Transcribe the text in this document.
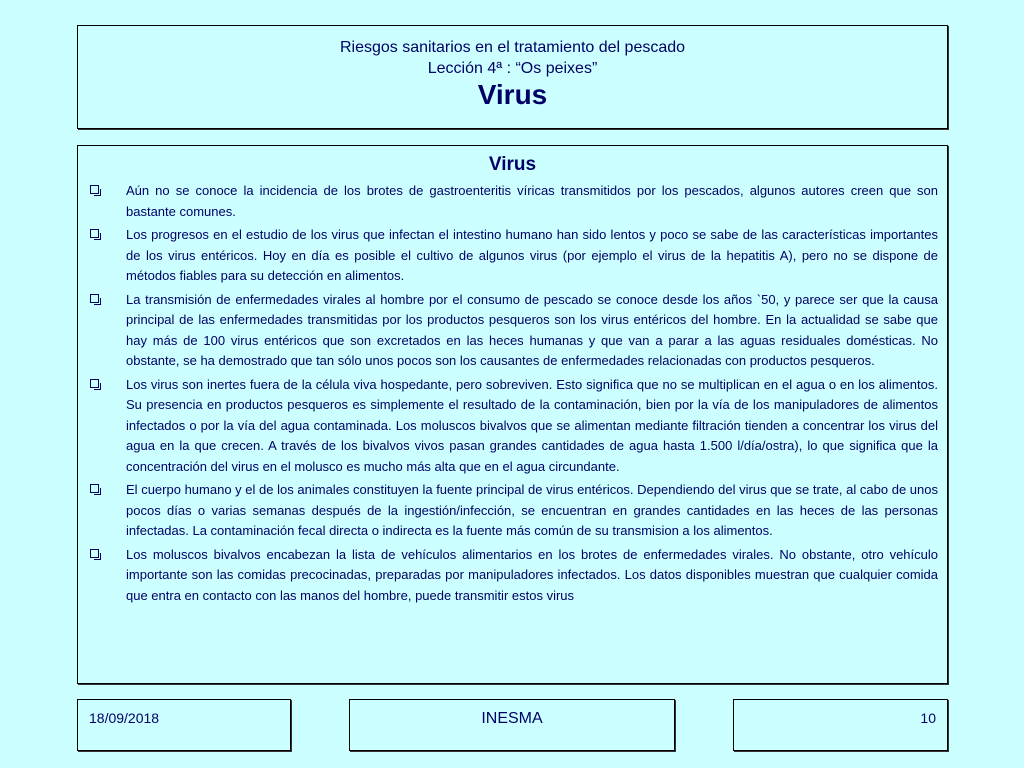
Riesgos sanitarios en el tratamiento del pescado
Lección 4ª : “Os peixes”
Virus
Virus
Aún no se conoce la incidencia de los brotes de gastroenteritis víricas transmitidos por los pescados, algunos autores creen que son bastante comunes.
Los progresos en el estudio de los virus que infectan el intestino humano han sido lentos y poco se sabe de las características importantes de los virus entéricos. Hoy en día es posible el cultivo de algunos virus (por ejemplo el virus de la hepatitis A), pero no se dispone de métodos fiables para su detección en alimentos.
La transmisión de enfermedades virales al hombre por el consumo de pescado se conoce desde los años `50, y parece ser que la causa principal de las enfermedades transmitidas por los productos pesqueros son los virus entéricos del hombre. En la actualidad se sabe que hay más de 100 virus entéricos que son excretados en las heces humanas y que van a parar a las aguas residuales domésticas. No obstante, se ha demostrado que tan sólo unos pocos son los causantes de enfermedades relacionadas con productos pesqueros.
Los virus son inertes fuera de la célula viva hospedante, pero sobreviven. Esto significa que no se multiplican en el agua o en los alimentos. Su presencia en productos pesqueros es simplemente el resultado de la contaminación, bien por la vía de los manipuladores de alimentos infectados o por la vía del agua contaminada. Los moluscos bivalvos que se alimentan mediante filtración tienden a concentrar los virus del agua en la que crecen. A través de los bivalvos vivos pasan grandes cantidades de agua hasta 1.500 l/día/ostra), lo que significa que la concentración del virus en el molusco es mucho más alta que en el agua circundante.
El cuerpo humano y el de los animales constituyen la fuente principal de virus entéricos. Dependiendo del virus que se trate, al cabo de unos pocos días o varias semanas después de la ingestión/infección, se encuentran en grandes cantidades en las heces de las personas infectadas. La contaminación fecal directa o indirecta es la fuente más común de su transmision a los alimentos.
Los moluscos bivalvos encabezan la lista de vehículos alimentarios en los brotes de enfermedades virales. No obstante, otro vehículo importante son las comidas precocinadas, preparadas por manipuladores infectados. Los datos disponibles muestran que cualquier comida que entra en contacto con las manos del hombre, puede transmitir estos virus
18/09/2018	INESMA	10
